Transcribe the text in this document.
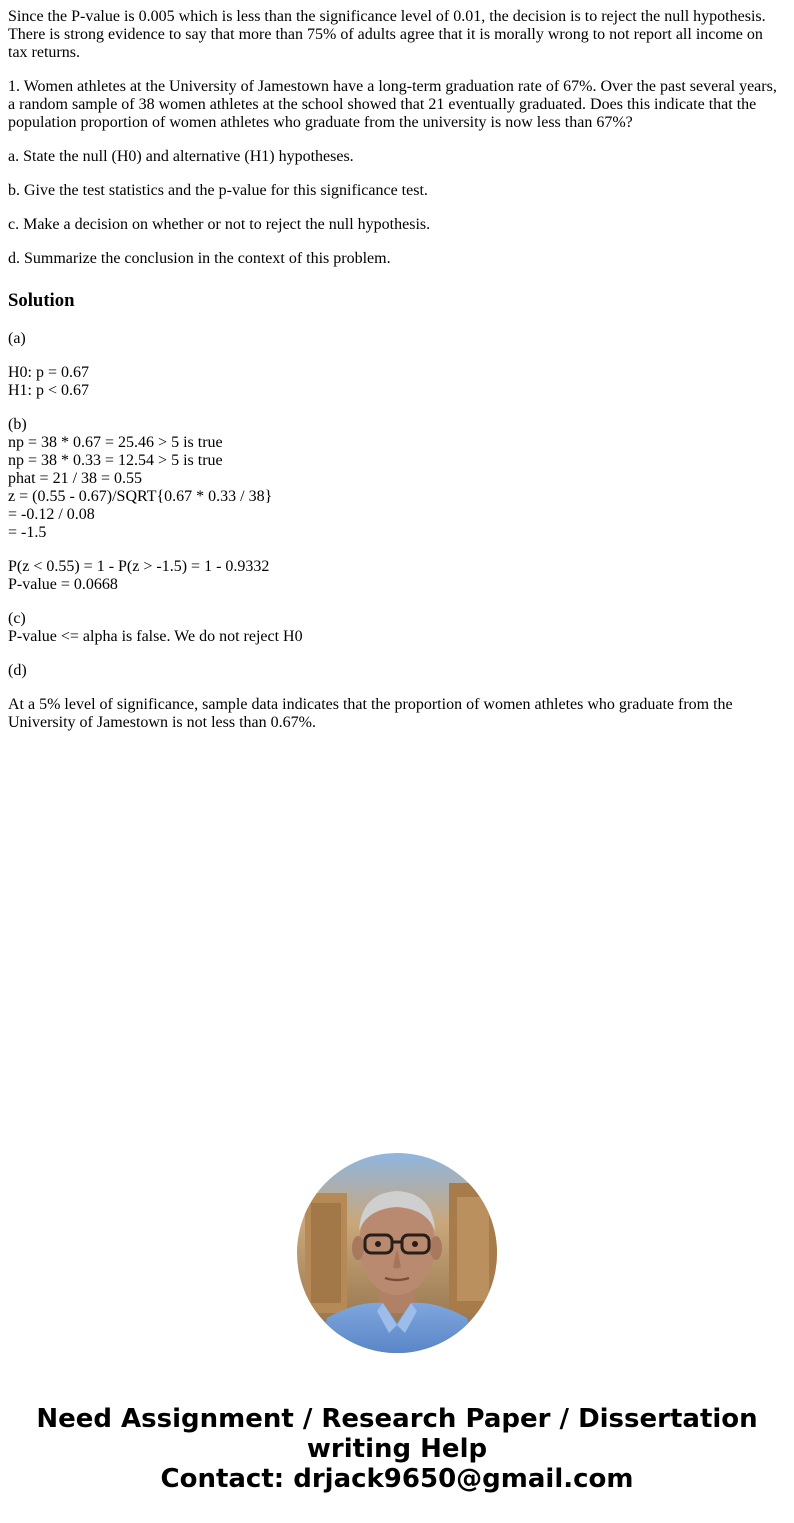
Since the P-value is 0.005 which is less than the significance level of 0.01, the decision is to reject the null hypothesis. There is strong evidence to say that more than 75% of adults agree that it is morally wrong to not report all income on tax returns.

1. Women athletes at the University of Jamestown have a long-term graduation rate of 67%. Over the past several years, a random sample of 38 women athletes at the school showed that 21 eventually graduated. Does this indicate that the population proportion of women athletes who graduate from the university is now less than 67%?

a. State the null (H0) and alternative (H1) hypotheses.

b. Give the test statistics and the p-value for this significance test.

c. Make a decision on whether or not to reject the null hypothesis.

d. Summarize the conclusion in the context of this problem.

Solution

(a)

H0: p = 0.67
H1: p < 0.67

(b)
np = 38 * 0.67 = 25.46 > 5 is true
np = 38 * 0.33 = 12.54 > 5 is true
phat = 21 / 38 = 0.55
z = (0.55 - 0.67)/SQRT{0.67 * 0.33 / 38}
= -0.12 / 0.08
= -1.5

P(z < 0.55) = 1 - P(z > -1.5) = 1 - 0.9332
P-value = 0.0668

(c)
P-value <= alpha is false. We do not reject H0

(d)

At a 5% level of significance, sample data indicates that the proportion of women athletes who graduate from the University of Jamestown is not less than 0.67%.

Need Assignment / Research Paper / Dissertation
writing Help
Contact: drjack9650@gmail.com
